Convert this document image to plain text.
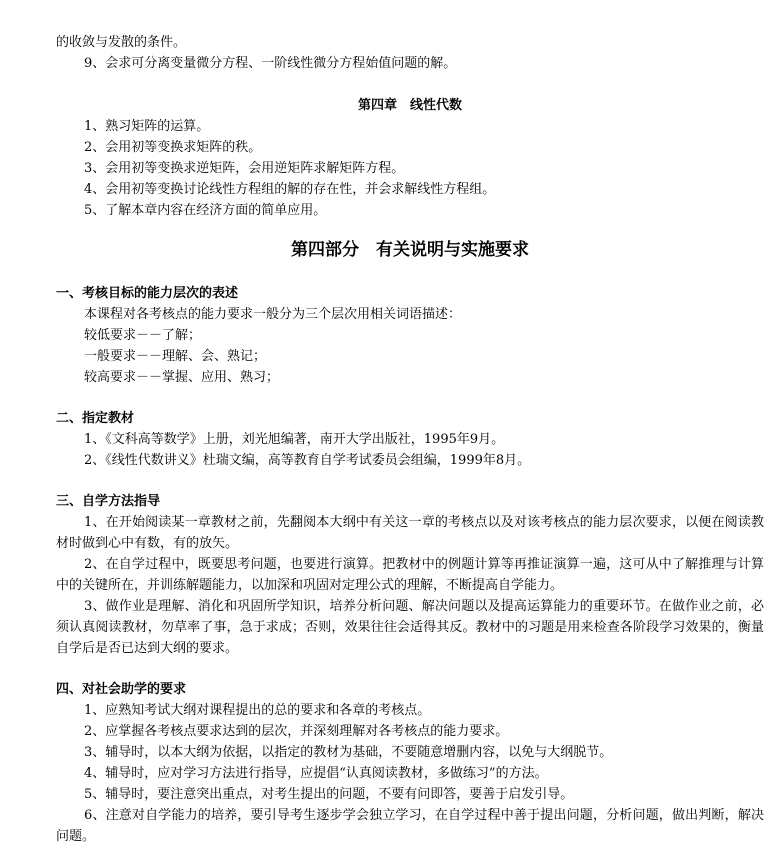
的收敛与发散的条件。
9、会求可分离变量微分方程、一阶线性微分方程始值问题的解。
第四章　线性代数
1、熟习矩阵的运算。
2、会用初等变换求矩阵的秩。
3、会用初等变换求逆矩阵，会用逆矩阵求解矩阵方程。
4、会用初等变换讨论线性方程组的解的存在性，并会求解线性方程组。
5、了解本章内容在经济方面的简单应用。
第四部分　有关说明与实施要求
一、考核目标的能力层次的表述
本课程对各考核点的能力要求一般分为三个层次用相关词语描述：
较低要求－－了解；
一般要求－－理解、会、熟记；
较高要求－－掌握、应用、熟习；
二、指定教材
1、《文科高等数学》上册，刘光旭编著，南开大学出版社，1995年9月。
2、《线性代数讲义》杜瑞文编，高等教育自学考试委员会组编，1999年8月。
三、自学方法指导
1、在开始阅读某一章教材之前，先翻阅本大纲中有关这一章的考核点以及对该考核点的能力层次要求，以便在阅读教材时做到心中有数，有的放矢。
2、在自学过程中，既要思考问题，也要进行演算。把教材中的例题计算等再推证演算一遍，这可从中了解推理与计算中的关键所在，并训练解题能力，以加深和巩固对定理公式的理解，不断提高自学能力。
3、做作业是理解、消化和巩固所学知识，培养分析问题、解决问题以及提高运算能力的重要环节。在做作业之前，必须认真阅读教材，勿草率了事，急于求成；否则，效果往往会适得其反。教材中的习题是用来检查各阶段学习效果的，衡量自学后是否已达到大纲的要求。
四、对社会助学的要求
1、应熟知考试大纲对课程提出的总的要求和各章的考核点。
2、应掌握各考核点要求达到的层次，并深刻理解对各考核点的能力要求。
3、辅导时，以本大纲为依据，以指定的教材为基础，不要随意增删内容，以免与大纲脱节。
4、辅导时，应对学习方法进行指导，应提倡“认真阅读教材，多做练习”的方法。
5、辅导时，要注意突出重点，对考生提出的问题，不要有问即答，要善于启发引导。
6、注意对自学能力的培养，要引导考生逐步学会独立学习，在自学过程中善于提出问题，分析问题，做出判断，解决问题。
